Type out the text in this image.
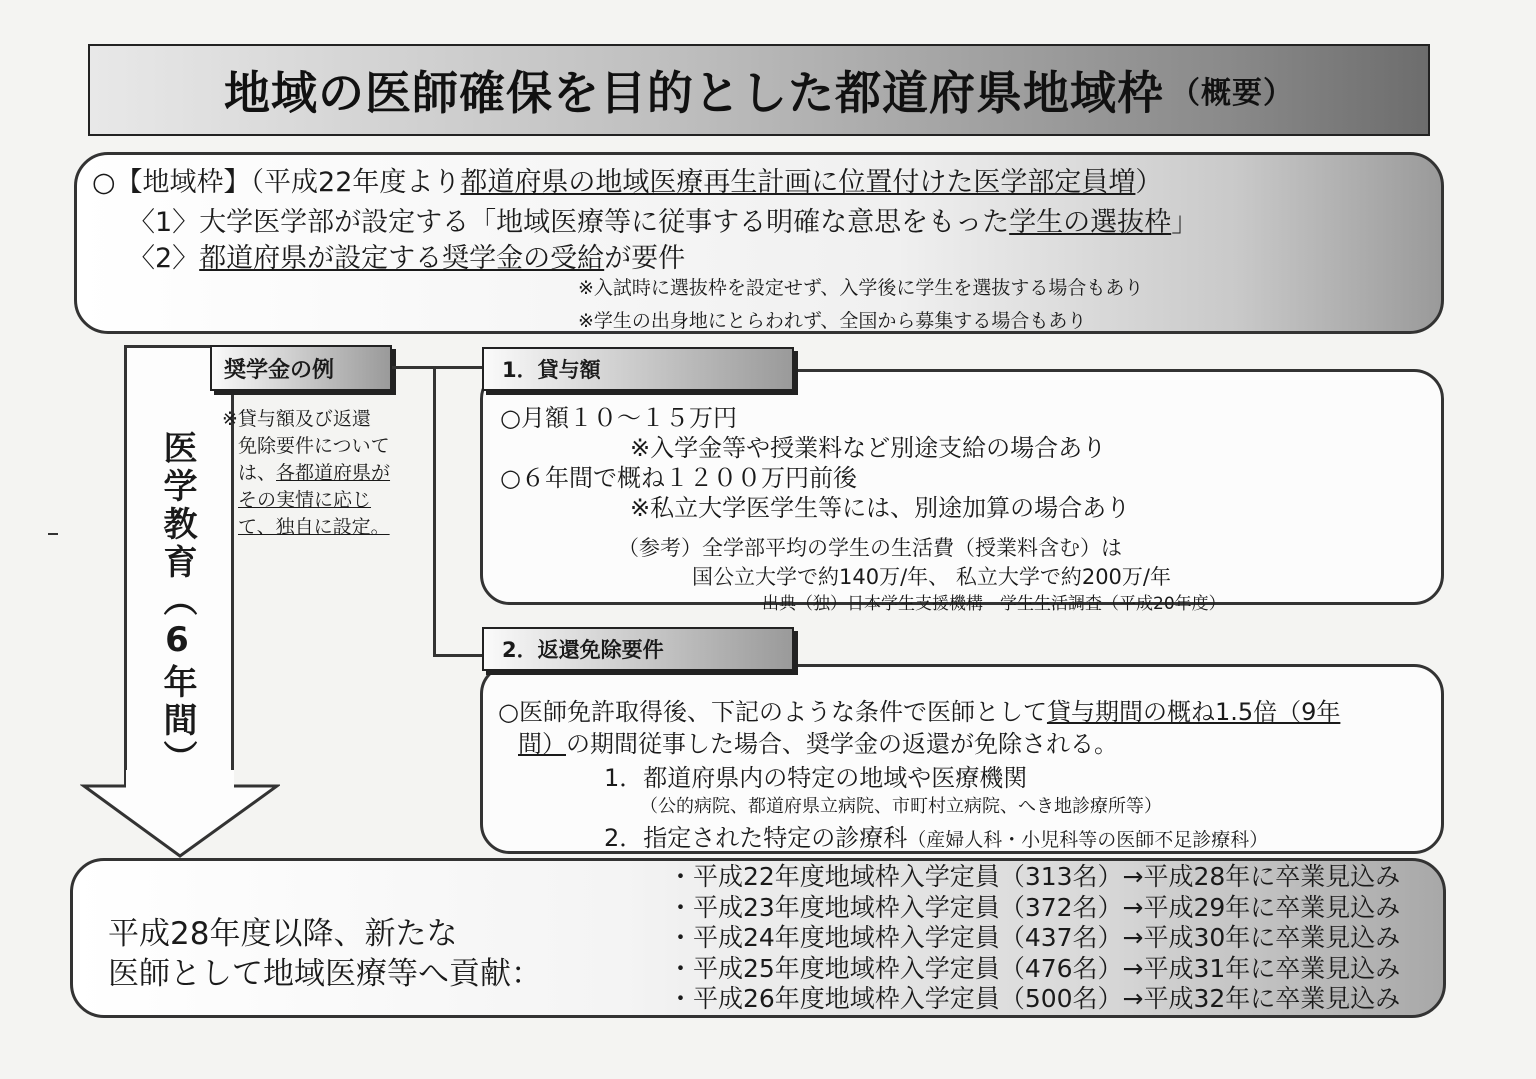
地域の医師確保を目的とした都道府県地域枠 （概要）
○【地域枠】（平成22年度より都道府県の地域医療再生計画に位置付けた医学部定員増）
〈1〉大学医学部が設定する「地域医療等に従事する明確な意思をもった学生の選抜枠」
〈2〉都道府県が設定する奨学金の受給が要件
※入試時に選抜枠を設定せず、入学後に学生を選抜する場合もあり
※学生の出身地にとらわれず、全国から募集する場合もあり
医学教育（6年間）
奨学金の例
※貸与額及び返還
免除要件について
は、各都道府県が
その実情に応じ
て、独自に設定。
1．貸与額
○月額１０～１５万円
※入学金等や授業料など別途支給の場合あり
○６年間で概ね１２００万円前後
※私立大学医学生等には、別途加算の場合あり
（参考）全学部平均の学生の生活費（授業料含む）は
国公立大学で約140万/年、 私立大学で約200万/年
出典（独）日本学生支援機構　学生生活調査（平成20年度）
2．返還免除要件
○医師免許取得後、下記のような条件で医師として貸与期間の概ね1.5倍（9年
間）の期間従事した場合、奨学金の返還が免除される。
1．都道府県内の特定の地域や医療機関
（公的病院、都道府県立病院、市町村立病院、へき地診療所等）
2．指定された特定の診療科（産婦人科・小児科等の医師不足診療科）
平成28年度以降、新たな
医師として地域医療等へ貢献：
・平成22年度地域枠入学定員（313名）→平成28年に卒業見込み
・平成23年度地域枠入学定員（372名）→平成29年に卒業見込み
・平成24年度地域枠入学定員（437名）→平成30年に卒業見込み
・平成25年度地域枠入学定員（476名）→平成31年に卒業見込み
・平成26年度地域枠入学定員（500名）→平成32年に卒業見込み
